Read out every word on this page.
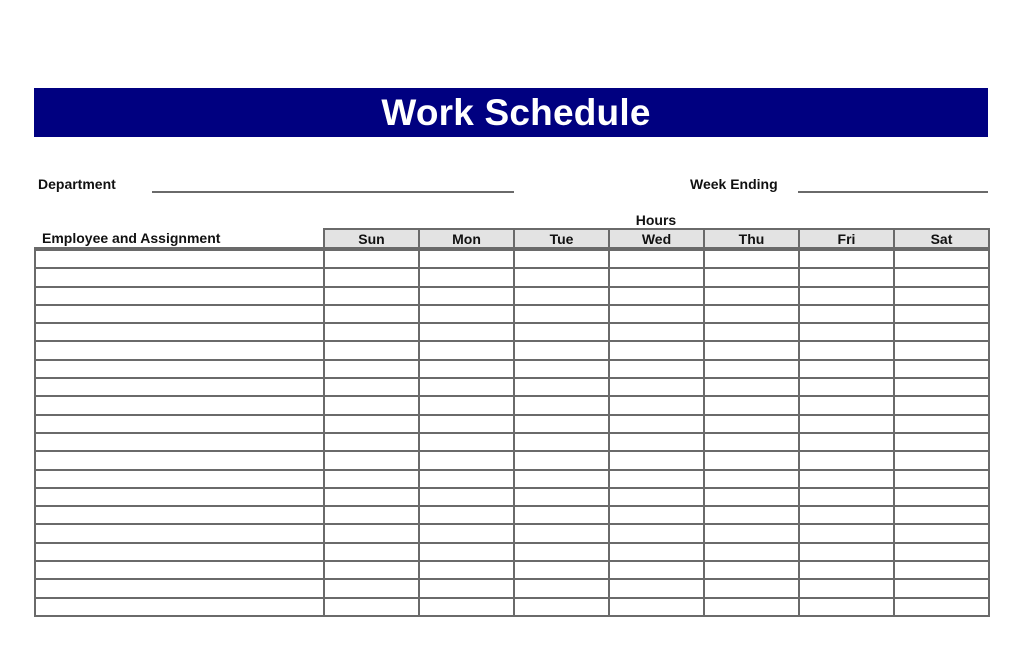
Work Schedule
Department	Week Ending
Hours
Employee and Assignment	Sun	Mon	Tue	Wed	Thu	Fri	Sat
